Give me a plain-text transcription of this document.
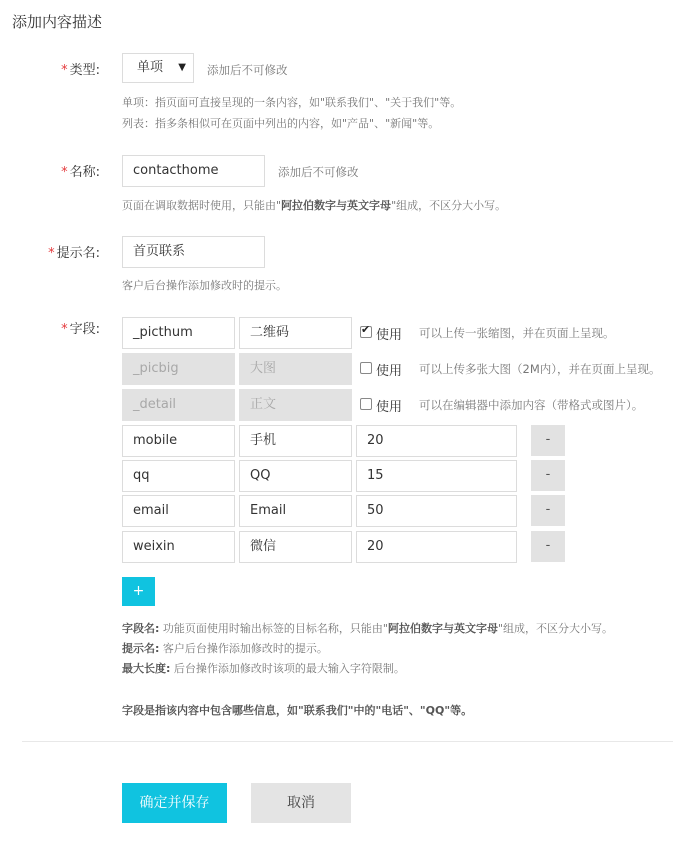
添加内容描述
* 类型:	单项 ▼ 添加后不可修改
单项：指页面可直接呈现的一条内容，如"联系我们"、"关于我们"等。
列表：指多条相似可在页面中列出的内容，如"产品"、"新闻"等。
* 名称:	contacthome	添加后不可修改
页面在调取数据时使用，只能由"阿拉伯数字与英文字母"组成，不区分大小写。
* 提示名:	首页联系
客户后台操作添加修改时的提示。
* 字段:	_picthum	二维码
✔	使用 可以上传一张缩图，并在页面上呈现。
_picbig	大图	使用 可以上传多张大图（2M内），并在页面上呈现。
_detail	正文	使用 可以在编辑器中添加内容（带格式或图片）。
mobile	手机	20	-
qq	QQ	15	-
email	Email	50	-
weixin	微信	20	-
+
字段名: 功能页面使用时输出标签的目标名称，只能由"阿拉伯数字与英文字母"组成，不区分大小写。
提示名: 客户后台操作添加修改时的提示。
最大长度: 后台操作添加修改时该项的最大输入字符限制。
字段是指该内容中包含哪些信息，如"联系我们"中的"电话"、"QQ"等。
确定并保存	取消
